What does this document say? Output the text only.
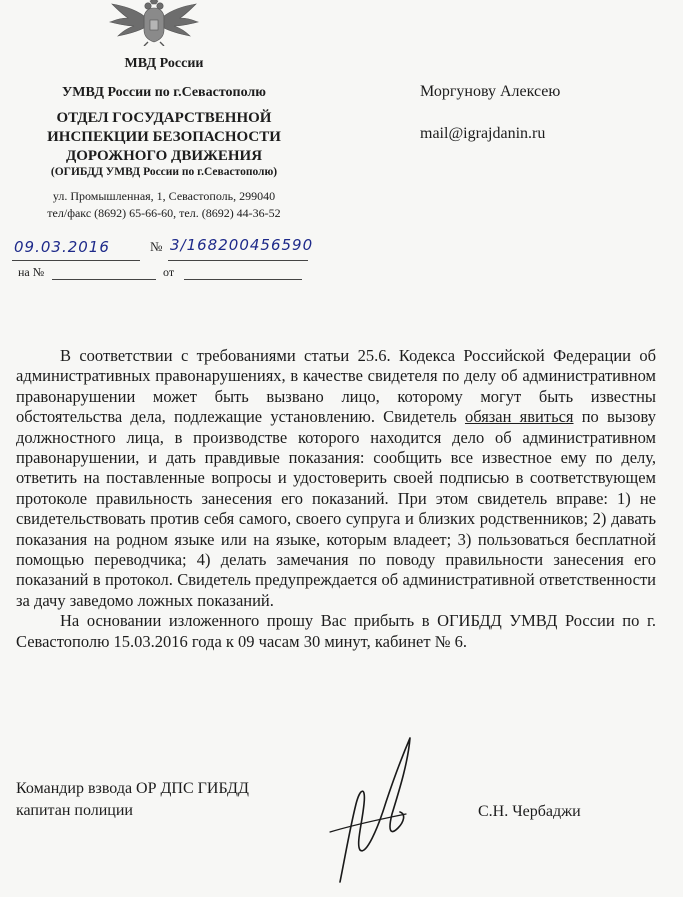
МВД России
УМВД России по г.Севастополю
ОТДЕЛ ГОСУДАРСТВЕННОЙ
ИНСПЕКЦИИ БЕЗОПАСНОСТИ
ДОРОЖНОГО ДВИЖЕНИЯ
(ОГИБДД УМВД России по г.Севастополю)
ул. Промышленная, 1, Севастополь, 299040
тел/факс (8692) 65-66-60, тел. (8692) 44-36-52
09.03.2016	№ 3/168200456590
на №	от
Моргунову Алексею
mail@igrajdanin.ru

В соответствии с требованиями статьи 25.6. Кодекса Российской Федерации об административных правонарушениях, в качестве свидетеля по делу об административном правонарушении может быть вызвано лицо, которому могут быть известны обстоятельства дела, подлежащие установлению. Свидетель обязан явиться по вызову должностного лица, в производстве которого находится дело об административном правонарушении, и дать правдивые показания: сообщить все известное ему по делу, ответить на поставленные вопросы и удостоверить своей подписью в соответствующем протоколе правильность занесения его показаний. При этом свидетель вправе: 1) не свидетельствовать против себя самого, своего супруга и близких родственников; 2) давать показания на родном языке или на языке, которым владеет; 3) пользоваться бесплатной помощью переводчика; 4) делать замечания по поводу правильности занесения его показаний в протокол. Свидетель предупреждается об административной ответственности за дачу заведомо ложных показаний.

На основании изложенного прошу Вас прибыть в ОГИБДД УМВД России по г. Севастополю 15.03.2016 года к 09 часам 30 минут, кабинет № 6.

Командир взвода ОР ДПС ГИБДД
капитан полиции	С.Н. Чербаджи
